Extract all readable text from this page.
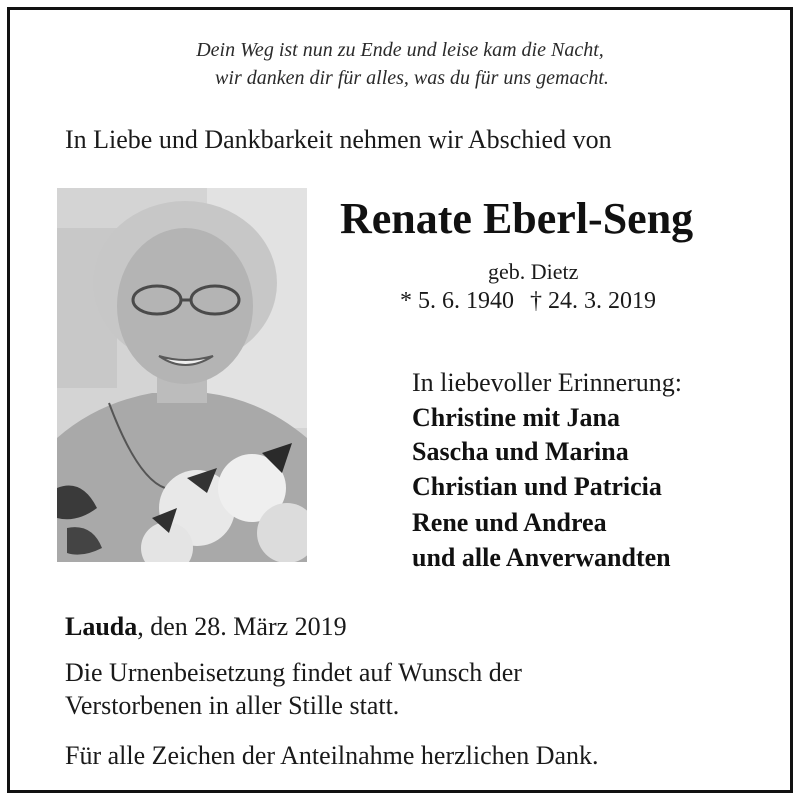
Dein Weg ist nun zu Ende und leise kam die Nacht,
wir danken dir für alles, was du für uns gemacht.
In Liebe und Dankbarkeit nehmen wir Abschied von
Renate Eberl-Seng
geb. Dietz
* 5. 6. 1940 † 24. 3. 2019
In liebevoller Erinnerung:
Christine mit Jana
Sascha und Marina
Christian und Patricia
Rene und Andrea
und alle Anverwandten
Lauda, den 28. März 2019
Die Urnenbeisetzung findet auf Wunsch der
Verstorbenen in aller Stille statt.
Für alle Zeichen der Anteilnahme herzlichen Dank.
